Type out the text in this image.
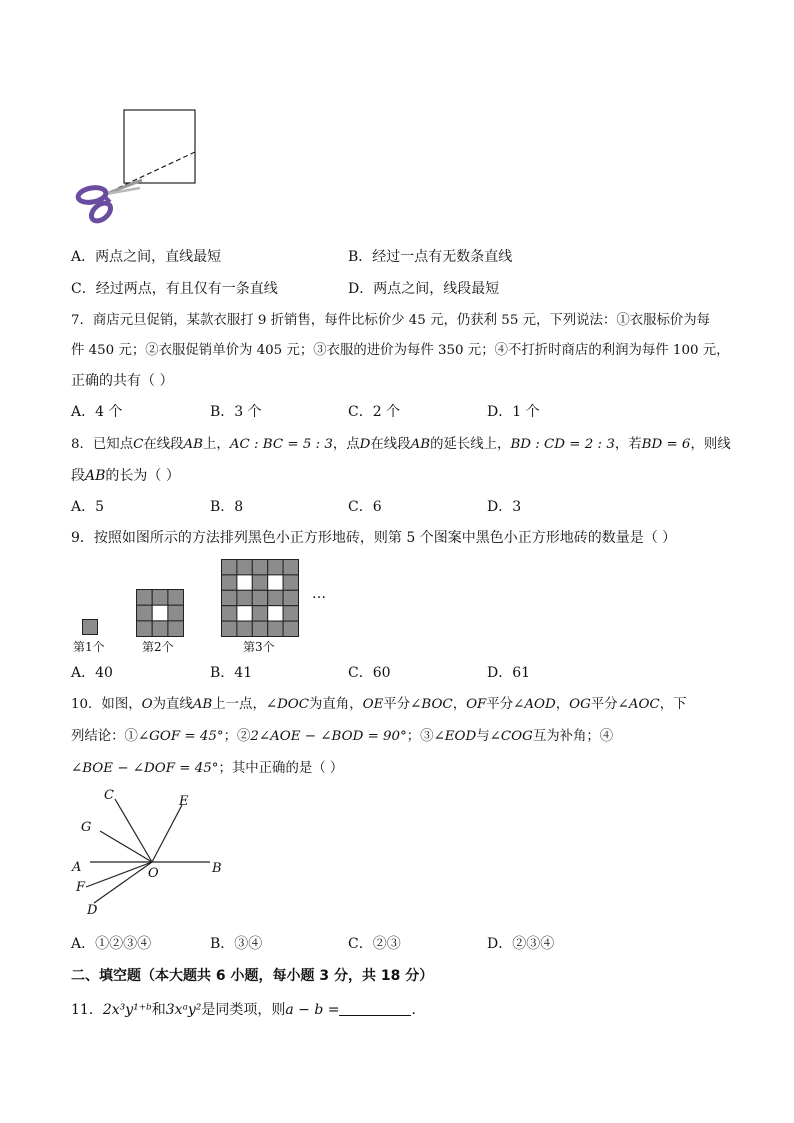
A．两点之间，直线最短	B．经过一点有无数条直线
C．经过两点，有且仅有一条直线	D．两点之间，线段最短
7．商店元旦促销，某款衣服打 9 折销售，每件比标价少 45 元，仍获利 55 元，下列说法：①衣服标价为每
件 450 元；②衣服促销单价为 405 元；③衣服的进价为每件 350 元；④不打折时商店的利润为每件 100 元，
正确的共有（ ）
A．4 个	B．3 个	C．2 个	D．1 个
8．已知点C在线段AB上，AC : BC = 5 : 3，点D在线段AB的延长线上，BD : CD = 2 : 3，若BD = 6，则线
段AB的长为（ ）
A．5	B．8	C．6	D．3
9．按照如图所示的方法排列黑色小正方形地砖，则第 5 个图案中黑色小正方形地砖的数量是（ ）
第1个	第2个	第3个
…
A．40	B．41	C．60	D．61
10．如图，O为直线AB上一点，∠DOC为直角，OE平分∠BOC，OF平分∠AOD，OG平分∠AOC，下
列结论：①∠GOF = 45°；②2∠AOE − ∠BOD = 90°；③∠EOD与∠COG互为补角；④
∠BOE − ∠DOF = 45°；其中正确的是（ ）
C	E
G
A	O	B
F
D
A．①②③④	B．③④	C．②③	D．②③④
二、填空题（本大题共 6 小题，每小题 3 分，共 18 分）
11．2x³y¹⁺ᵇ和3xᵃy²是同类项，则a − b =	．
